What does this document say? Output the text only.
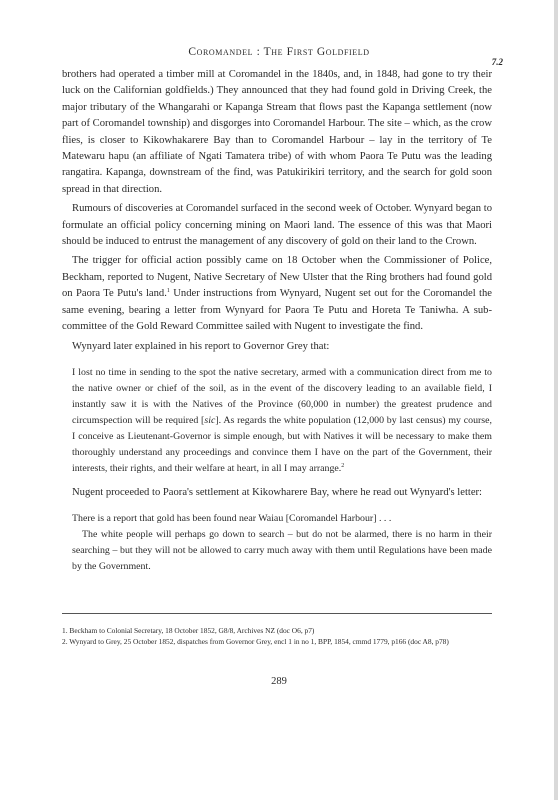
Coromandel : The First Goldfield
7.2

brothers had operated a timber mill at Coromandel in the 1840s, and, in 1848, had gone to try their luck on the Californian goldfields.) They announced that they had found gold in Driving Creek, the major tributary of the Whangarahi or Kapanga Stream that flows past the Kapanga settlement (now part of Coromandel township) and disgorges into Coromandel Harbour. The site – which, as the crow flies, is closer to Kikowhakarere Bay than to Coromandel Harbour – lay in the territory of Te Matewaru hapu (an affiliate of Ngati Tamatera tribe) of with whom Paora Te Putu was the leading rangatira. Kapanga, downstream of the find, was Patukirikiri territory, and the search for gold soon spread in that direction.

Rumours of discoveries at Coromandel surfaced in the second week of October. Wynyard began to formulate an official policy concerning mining on Maori land. The essence of this was that Maori should be induced to entrust the management of any discovery of gold on their land to the Crown.

The trigger for official action possibly came on 18 October when the Commissioner of Police, Beckham, reported to Nugent, Native Secretary of New Ulster that the Ring brothers had found gold on Paora Te Putu's land.$^1$ Under instructions from Wynyard, Nugent set out for the Coromandel the same evening, bearing a letter from Wynyard for Paora Te Putu and Horeta Te Taniwha. A sub-committee of the Gold Reward Committee sailed with Nugent to investigate the find.

Wynyard later explained in his report to Governor Grey that:

I lost no time in sending to the spot the native secretary, armed with a communication direct from me to the native owner or chief of the soil, as in the event of the discovery leading to an available field, I instantly saw it is with the Natives of the Province (60,000 in number) the greatest prudence and circumspection will be required [sic]. As regards the white population (12,000 by last census) my course, I conceive as Lieutenant-Governor is simple enough, but with Natives it will be necessary to make them thoroughly understand any proceedings and convince them I have on the part of the Government, their interests, their rights, and their welfare at heart, in all I may arrange.$^2$

Nugent proceeded to Paora's settlement at Kikowharere Bay, where he read out Wynyard's letter:

There is a report that gold has been found near Waiau [Coromandel Harbour] . . .

The white people will perhaps go down to search – but do not be alarmed, there is no harm in their searching – but they will not be allowed to carry much away with them until Regulations have been made by the Government.

1. Beckham to Colonial Secretary, 18 October 1852, G8/8, Archives NZ (doc O6, p7)

2. Wynyard to Grey, 25 October 1852, dispatches from Governor Grey, encl 1 in no 1, BPP, 1854, cmmd 1779, p166 (doc A8, p78)

289
